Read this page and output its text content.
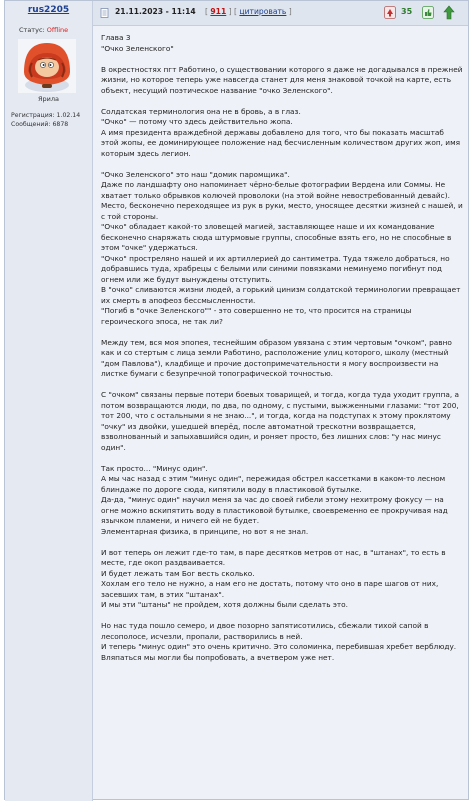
rus2205
Статус: Offline
Ярила
Регистрация: 1.02.14
Сообщений: 6878
21.11.2023 - 11:14 [ 911 ] [ цитировать ]	35

Глава 3
"Очко Зеленского"

В окрестностях пгт Работино, о существовании которого я даже не догадывался в прежней жизни, но которое теперь уже навсегда станет для меня знаковой точкой на карте, есть объект, несущий поэтическое название "очко Зеленского".

Солдатская терминология она не в бровь, а в глаз.
"Очко" — потому что здесь действительно жопа.
А имя президента враждебной державы добавлено для того, что бы показать масштаб этой жопы, ее доминирующее положение над бесчисленным количеством других жоп, имя которым здесь легион.

"Очко Зеленского" это наш "домик паромщика".
Даже по ландшафту оно напоминает чёрно-белые фотографии Вердена или Соммы. Не хватает только обрывков колючей проволоки (на этой войне невостребованный девайс).
Место, бесконечно переходящее из рук в руки, место, уносящее десятки жизней с нашей, и с той стороны.
"Очко" обладает какой-то зловещей магией, заставляющее наше и их командование бесконечно снаряжать сюда штурмовые группы, способные взять его, но не способные в этом "очке" удержаться.
"Очко" простреляно нашей и их артиллерией до сантиметра. Туда тяжело добраться, но добравшись туда, храбрецы с белыми или синими повязками неминуемо погибнут под огнем или же будут вынуждены отступить.
В "очко" сливаются жизни людей, а горький цинизм солдатской терминологии превращает их смерть в апофеоз бессмысленности.
"Погиб в "очке Зеленского"" - это совершенно не то, что просится на страницы героического эпоса, не так ли?

Между тем, вся моя эпопея, теснейшим образом увязана с этим чертовым "очком", равно как и со стертым с лица земли Работино, расположение улиц которого, школу (местный "дом Павлова"), кладбище и прочие достопримечательности я могу воспроизвести на листке бумаги с безупречной топографической точностью.

С "очком" связаны первые потери боевых товарищей, и тогда, когда туда уходит группа, а потом возвращаются люди, по два, по одному, с пустыми, выжженными глазами: "тот 200, тот 200, что с остальными я не знаю...", и тогда, когда на подступах к этому проклятому "очку" из двойки, ушедшей вперёд, после автоматной трескотни возвращается, взволнованный и запыхавшийся один, и роняет просто, без лишних слов: "у нас минус один".

Так просто... "Минус один".
А мы час назад с этим "минус один", пережидая обстрел кассетками в каком-то лесном блиндаже по дороге сюда, кипятили воду в пластиковой бутылке.
Да-да, "минус один" научил меня за час до своей гибели этому нехитрому фокусу — на огне можно вскипятить воду в пластиковой бутылке, своевременно ее прокручивая над язычком пламени, и ничего ей не будет.
Элементарная физика, в принципе, но вот я не знал.

И вот теперь он лежит где-то там, в паре десятков метров от нас, в "штанах", то есть в месте, где окоп раздваивается.
И будет лежать там Бог весть сколько.
Хохлам его тело не нужно, а нам его не достать, потому что оно в паре шагов от них, засевших там, в этих "штанах".
И мы эти "штаны" не пройдем, хотя должны были сделать это.

Но нас туда пошло семеро, и двое позорно запятисотились, сбежали тихой сапой в лесополосе, исчезли, пропали, растворились в ней.
И теперь "минус один" это очень критично. Это соломинка, перебившая хребет верблюду. Вляпаться мы могли бы попробовать, а вчетвером уже нет.
